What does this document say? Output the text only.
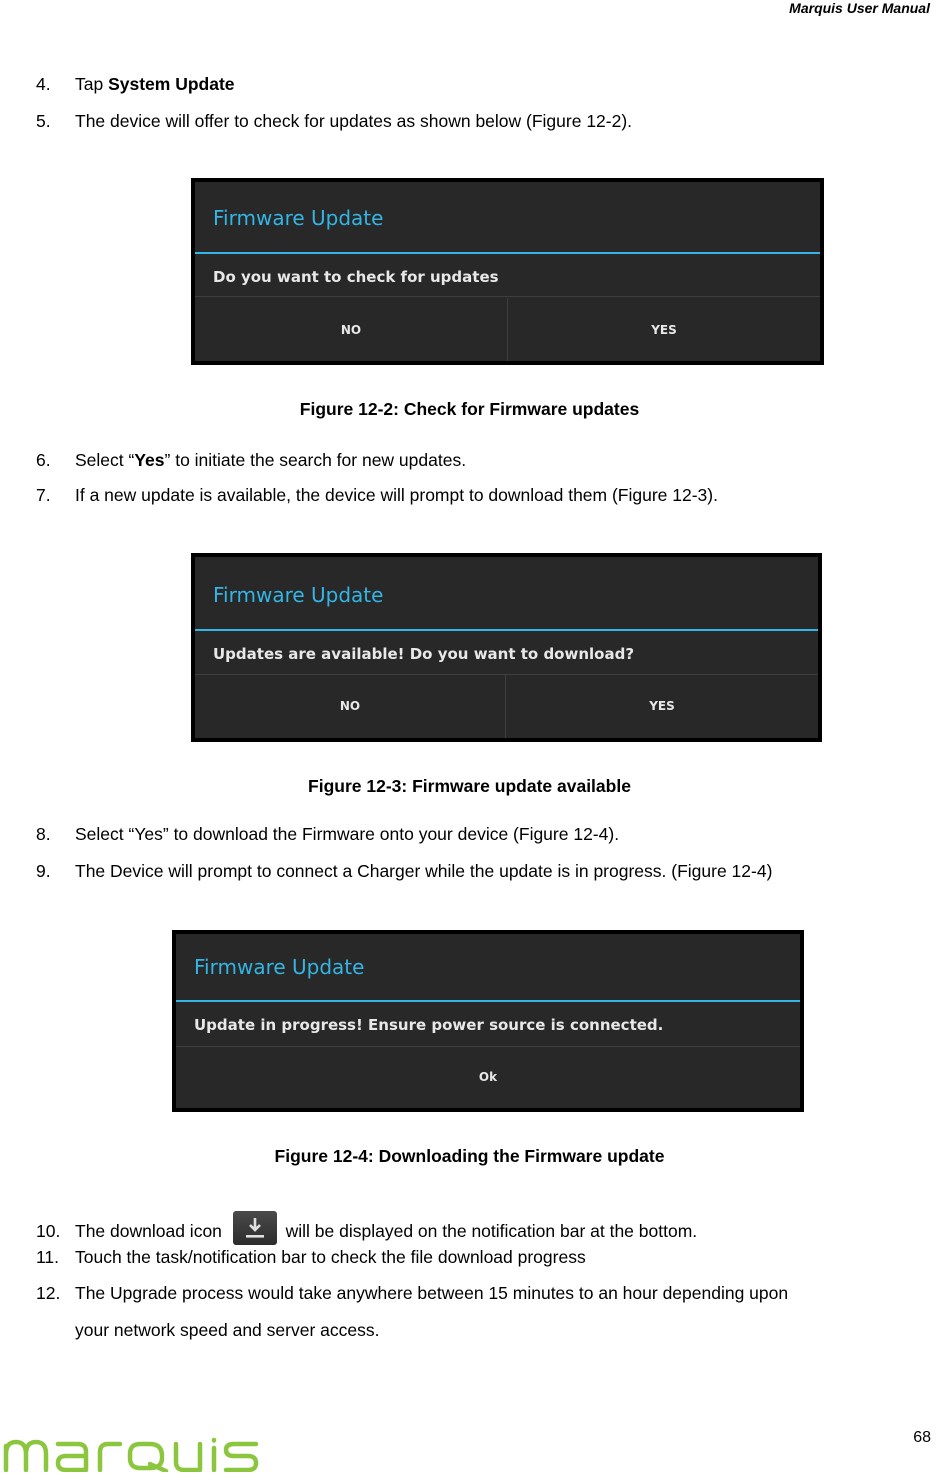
Marquis User Manual
4. Tap System Update
5. The device will offer to check for updates as shown below (Figure 12-2).
Firmware Update
Do you want to check for updates
NO	YES
Figure 12-2: Check for Firmware updates
6. Select “Yes” to initiate the search for new updates.
7. If a new update is available, the device will prompt to download them (Figure 12-3).
Firmware Update
Updates are available! Do you want to download?
NO	YES
Figure 12-3: Firmware update available
8. Select “Yes” to download the Firmware onto your device (Figure 12-4).
9. The Device will prompt to connect a Charger while the update is in progress. (Figure 12-4)
Firmware Update
Update in progress! Ensure power source is connected.
Ok
Figure 12-4: Downloading the Firmware update
10. The download icon	will be displayed on the notification bar at the bottom.
11. Touch the task/notification bar to check the file download progress
12. The Upgrade process would take anywhere between 15 minutes to an hour depending upon
your network speed and server access.
68
